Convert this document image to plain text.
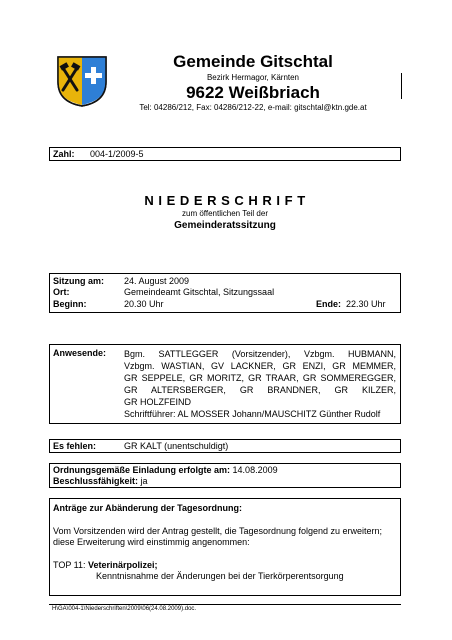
Gemeinde Gitschtal
Bezirk Hermagor, Kärnten
9622 Weißbriach
Tel: 04286/212, Fax: 04286/212-22, e-mail: gitschtal@ktn.gde.at
Zahl: 004-1/2009-5
N I E D E R S C H R I F T
zum öffentlichen Teil der
Gemeinderatssitzung
Sitzung am: 24. August 2009
Ort:	Gemeindeamt Gitschtal, Sitzungssaal
Beginn:	20.30 Uhr	Ende: 22.30 Uhr
Anwesende: Bgm. SATTLEGGER (Vorsitzender), Vzbgm. HUBMANN,
Vzbgm. WASTIAN, GV LACKNER, GR ENZI, GR MEMMER,
GR SEPPELE, GR MORITZ, GR TRAAR, GR SOMMEREGGER,
GR ALTERSBERGER, GR BRANDNER, GR KILZER,
GR HOLZFEIND
Schriftführer: AL MOSSER Johann/MAUSCHITZ Günther Rudolf
Es fehlen:	GR KALT (unentschuldigt)
Ordnungsgemäße Einladung erfolgte am: 14.08.2009
Beschlussfähigkeit: ja
Anträge zur Abänderung der Tagesordnung:
Vom Vorsitzenden wird der Antrag gestellt, die Tagesordnung folgend zu erweitern;
diese Erweiterung wird einstimmig angenommen:
TOP 11: Veterinärpolizei;
Kenntnisnahme der Änderungen bei der Tierkörperentsorgung
H\GA\004-1\Niederschriften\2009\06(24.08.2009).doc.
